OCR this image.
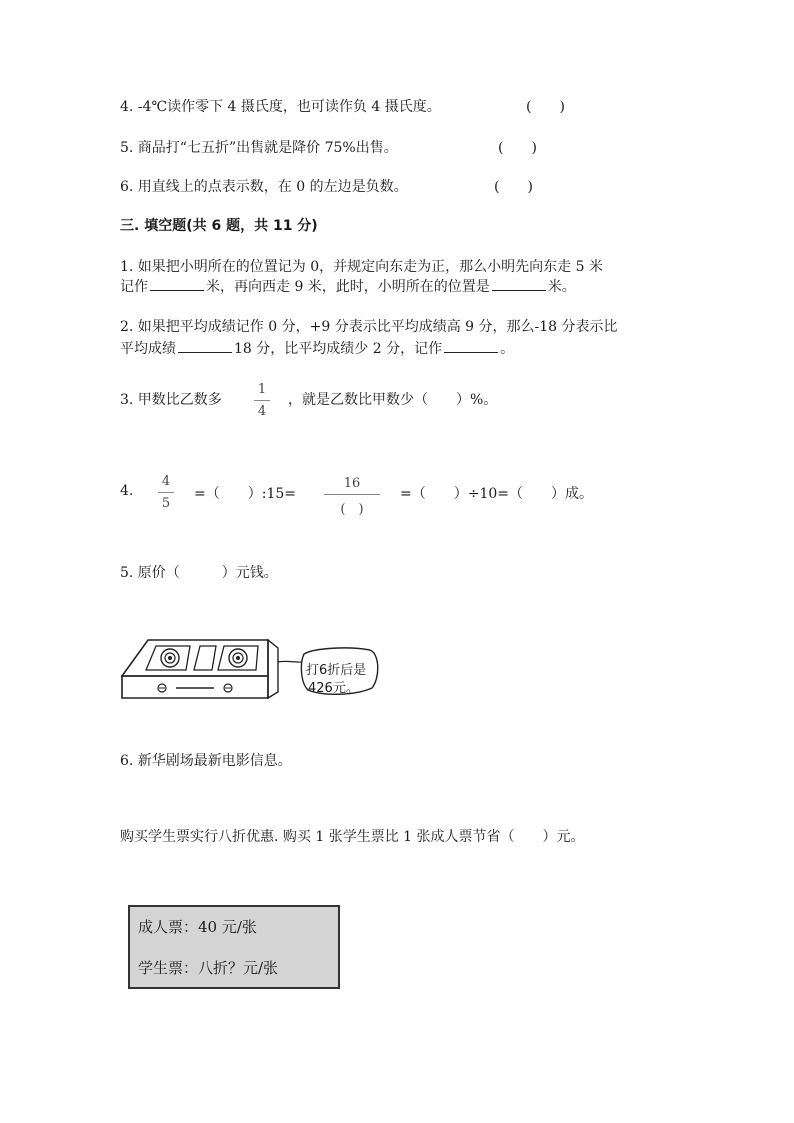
4. -4℃读作零下 4 摄氏度，也可读作负 4 摄氏度。	(　　)
5. 商品打“七五折”出售就是降价 75%出售。	(　　)
6. 用直线上的点表示数，在 0 的左边是负数。	(　　)
三. 填空题(共 6 题，共 11 分)
1. 如果把小明所在的位置记为 0，并规定向东走为正，那么小明先向东走 5 米
记作	米，再向西走 9 米，此时，小明所在的位置是	米。
2. 如果把平均成绩记作 0 分，+9 分表示比平均成绩高 9 分，那么-18 分表示比
平均成绩	18 分，比平均成绩少 2 分，记作	。
3. 甲数比乙数多
1
4
，就是乙数比甲数少（　　）%。
4.
4
5
=（　　）:15=
16
(　)
=（　　）÷10=（　　）成。
5. 原价（　　　）元钱。
打6折后是
426元。
6. 新华剧场最新电影信息。
购买学生票实行八折优惠. 购买 1 张学生票比 1 张成人票节省（　　）元。
成人票：40 元/张
学生票：八折？元/张
